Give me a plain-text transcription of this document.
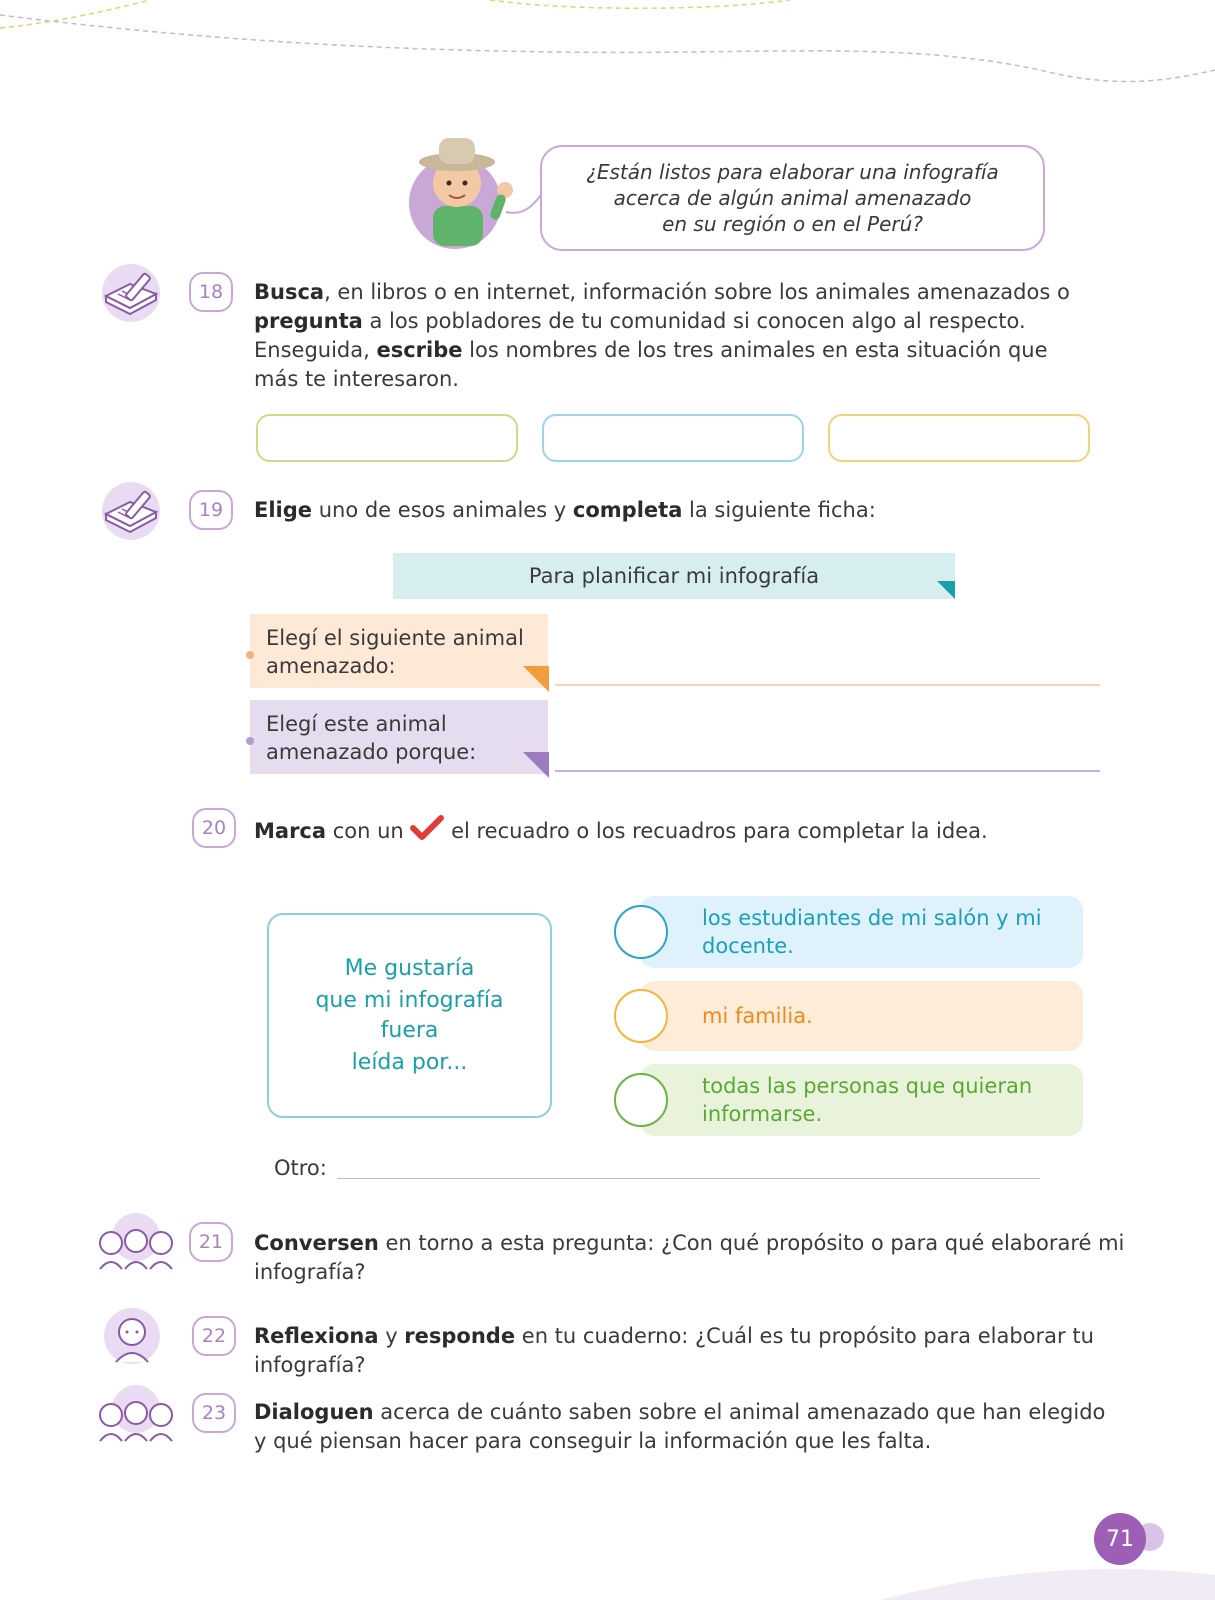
¿Están listos para elaborar una infografía
acerca de algún animal amenazado
en su región o en el Perú?
18	Busca, en libros o en internet, información sobre los animales amenazados o pregunta a los pobladores de tu comunidad si conocen algo al respecto. Enseguida, escribe los nombres de los tres animales en esta situación que más te interesaron.
19	Elige uno de esos animales y completa la siguiente ficha:
Para planificar mi infografía
Elegí el siguiente animal amenazado:
Elegí este animal amenazado porque:
20	Marca con un  el recuadro o los recuadros para completar la idea.
Me gustaría
que mi infografía
fuera
leída por...
los estudiantes de mi salón y mi docente.
mi familia.
todas las personas que quieran informarse.
Otro:
21	Conversen en torno a esta pregunta: ¿Con qué propósito o para qué elaboraré mi infografía?
22	Reflexiona y responde en tu cuaderno: ¿Cuál es tu propósito para elaborar tu infografía?
23	Dialoguen acerca de cuánto saben sobre el animal amenazado que han elegido y qué piensan hacer para conseguir la información que les falta.
71
